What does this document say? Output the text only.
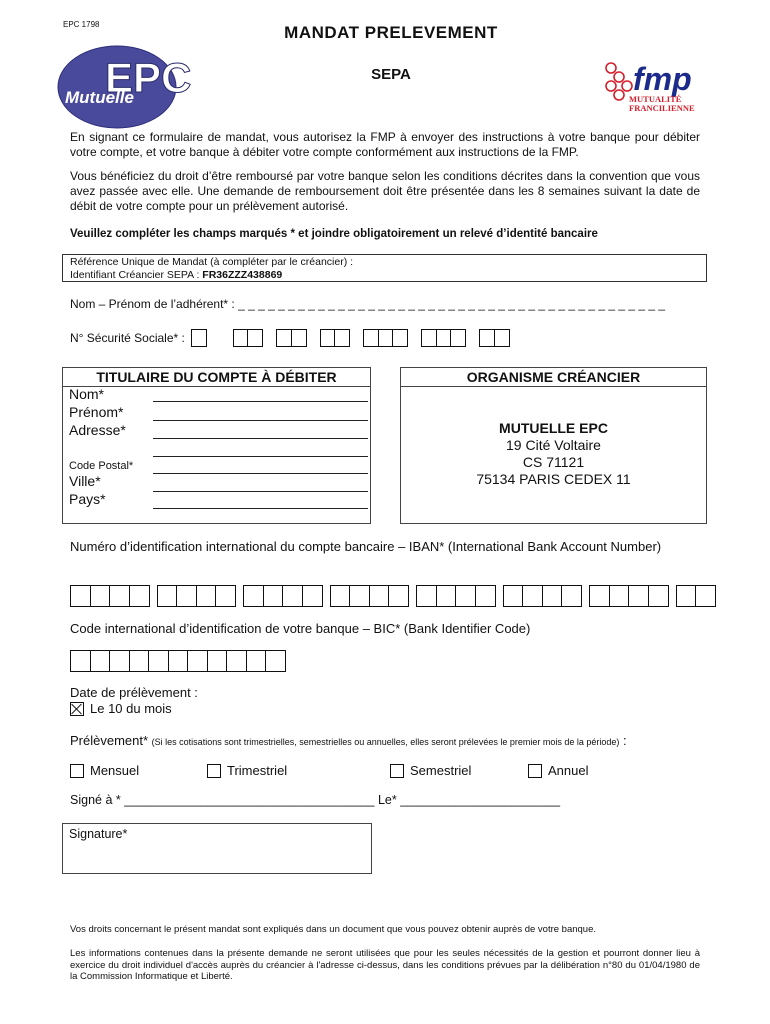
EPC 1798
EPC
Mutuelle
MANDAT PRELEVEMENT
SEPA	fmp
MUTUALITÉ
FRANCILIENNE
En signant ce formulaire de mandat, vous autorisez la FMP à envoyer des instructions à votre banque pour débiter votre compte, et votre banque à débiter votre compte conformément aux instructions de la FMP.
Vous bénéficiez du droit d’être remboursé par votre banque selon les conditions décrites dans la convention que vous avez passée avec elle. Une demande de remboursement doit être présentée dans les 8 semaines suivant la date de débit de votre compte pour un prélèvement autorisé.
Veuillez compléter les champs marqués * et joindre obligatoirement un relevé d’identité bancaire
Référence Unique de Mandat (à compléter par le créancier) :
Identifiant Créancier SEPA : FR36ZZZ438869
Nom – Prénom de l’adhérent* : _ _ _ _ _ _ _ _ _ _ _ _ _ _ _ _ _ _ _ _ _ _ _ _ _ _ _ _ _ _ _ _ _ _ _ _ _ _ _ _ _ _ _
N° Sécurité Sociale* :
TITULAIRE DU COMPTE À DÉBITER
Nom*
Prénom*
Adresse*
Code Postal*
Ville*
Pays*
ORGANISME CRÉANCIER
MUTUELLE EPC
19 Cité Voltaire
CS 71121
75134 PARIS CEDEX 11
Numéro d’identification international du compte bancaire – IBAN* (International Bank Account Number)
Code international d’identification de votre banque – BIC* (Bank Identifier Code)
Date de prélèvement :
Le 10 du mois
Prélèvement* (Si les cotisations sont trimestrielles, semestrielles ou annuelles, elles seront prélevées le premier mois de la période) :
Mensuel	Trimestriel	Semestriel	Annuel
Signé à * ____________________________________ Le* _______________________
Signature*
Vos droits concernant le présent mandat sont expliqués dans un document que vous pouvez obtenir auprès de votre banque.
Les informations contenues dans la présente demande ne seront utilisées que pour les seules nécessités de la gestion et pourront donner lieu à exercice du droit individuel d'accès auprès du créancier à l'adresse ci-dessus, dans les conditions prévues par la délibération n°80 du 01/04/1980 de la Commission Informatique et Liberté.
